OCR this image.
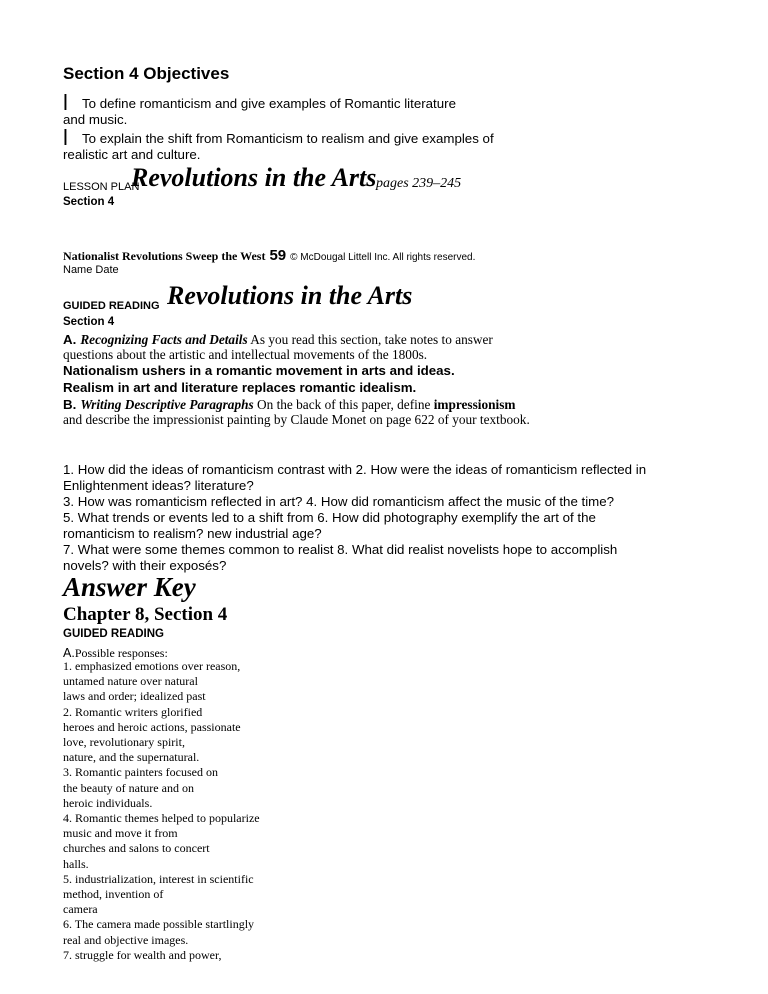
Section 4 Objectives
l To define romanticism and give examples of Romantic literature
and music.
l To explain the shift from Romanticism to realism and give examples of
realistic art and culture.
LESSON PLAN
Revolutions in the Arts pages 239–245
Section 4
Nationalist Revolutions Sweep the West 59 © McDougal Littell Inc. All rights reserved.
Name Date
GUIDED READING Revolutions in the Arts
Section 4
A. Recognizing Facts and Details As you read this section, take notes to answer
questions about the artistic and intellectual movements of the 1800s.
Nationalism ushers in a romantic movement in arts and ideas.
Realism in art and literature replaces romantic idealism.
B. Writing Descriptive Paragraphs On the back of this paper, define impressionism
and describe the impressionist painting by Claude Monet on page 622 of your textbook.
1. How did the ideas of romanticism contrast with 2. How were the ideas of romanticism reflected in
Enlightenment ideas? literature?
3. How was romanticism reflected in art? 4. How did romanticism affect the music of the time?
5. What trends or events led to a shift from 6. How did photography exemplify the art of the
romanticism to realism? new industrial age?
7. What were some themes common to realist 8. What did realist novelists hope to accomplish
novels? with their exposés?
Answer Key
Chapter 8, Section 4
GUIDED READING
A.Possible responses:
1. emphasized emotions over reason,
untamed nature over natural
laws and order; idealized past
2. Romantic writers glorified
heroes and heroic actions, passionate
love, revolutionary spirit,
nature, and the supernatural.
3. Romantic painters focused on
the beauty of nature and on
heroic individuals.
4. Romantic themes helped to popularize
music and move it from
churches and salons to concert
halls.
5. industrialization, interest in scientific
method, invention of
camera
6. The camera made possible startlingly
real and objective images.
7. struggle for wealth and power,
